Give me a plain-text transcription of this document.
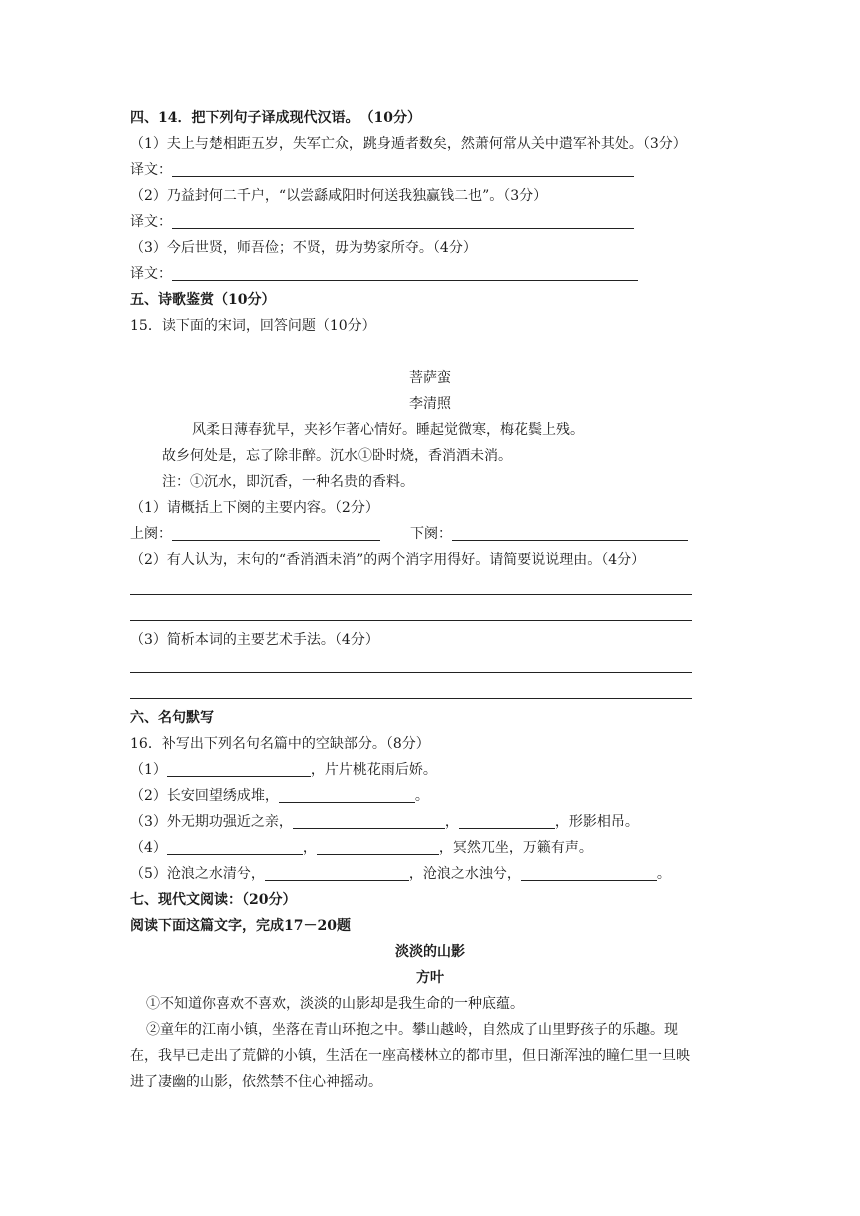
四、14．把下列句子译成现代汉语。　（10分）
（1）夫上与楚相距五岁，失军亡众，跳身遁者数矣，然萧何常从关中遣军补其处。（3分）
译文：
（2）乃益封何二千户，“以尝繇咸阳时何送我独赢钱二也”。（3分）
译文：
（3）今后世贤，师吾俭；不贤，毋为势家所夺。（4分）
译文：
五、诗歌鉴赏（10分）
15．读下面的宋词，回答问题（10分）
菩萨蛮
李清照
风柔日薄春犹早，夹衫乍著心情好。睡起觉微寒，梅花鬓上残。
故乡何处是，忘了除非醉。沉水①卧时烧，香消酒未消。
注：①沉水，即沉香，一种名贵的香料。
（1）请概括上下阕的主要内容。（2分）
上阕：	下阕：
（2）有人认为，末句的“香消酒未消”的两个消字用得好。请简要说说理由。（4分）
（3）简析本词的主要艺术手法。（4分）
六、名句默写
16．补写出下列名句名篇中的空缺部分。（8分）
（1）	，片片桃花雨后娇。
（2）长安回望绣成堆，	。
（3）外无期功强近之亲，	，	，形影相吊。
（4）	，	，冥然兀坐，万籁有声。
（5）沧浪之水清兮，	，沧浪之水浊兮，	。
七、现代文阅读：（20分）
阅读下面这篇文字，完成17－20题
淡淡的山影
方叶
①不知道你喜欢不喜欢，淡淡的山影却是我生命的一种底蕴。
②童年的江南小镇，坐落在青山环抱之中。攀山越岭，自然成了山里野孩子的乐趣。现
在，我早已走出了荒僻的小镇，生活在一座高楼林立的都市里，但日渐浑浊的瞳仁里一旦映
进了凄幽的山影，依然禁不住心神摇动。
